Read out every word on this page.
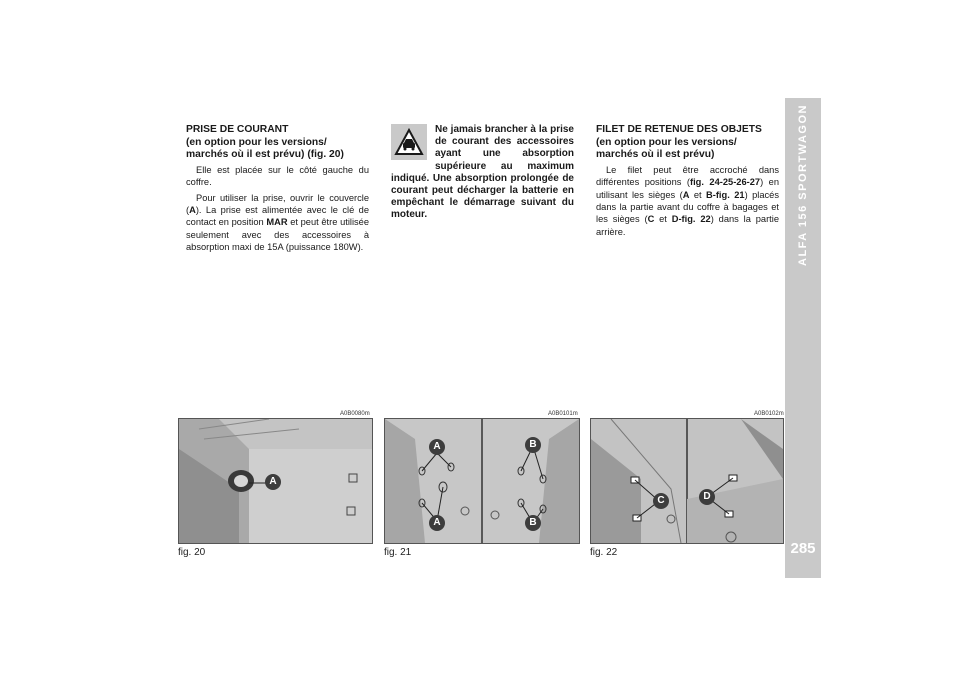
ALFA 156 SPORTWAGON
285
PRISE DE COURANT
(en option pour les versions/
marchés où il est prévu) (fig. 20)

Elle est placée sur le côté gauche du coffre.

Pour utiliser la prise, ouvrir le couvercle (A). La prise est alimentée avec le clé de contact en position MAR et peut être utilisée seulement avec des accessoires à absorption maxi de 15A (puissance 180W).

Ne jamais brancher à la prise de courant des accessoires ayant une absorption supérieure au maximum indiqué. Une absorption prolongée de courant peut décharger la batterie en empêchant le démarrage suivant du moteur.
FILET DE RETENUE DES OBJETS
(en option pour les versions/
marchés où il est prévu)

Le filet peut être accroché dans différentes positions (fig. 24-25-26-27) en utilisant les sièges (A et B-fig. 21) placés dans la partie avant du coffre à bagages et les sièges (C et D-fig. 22) dans la partie arrière.

A0B0080m
A
fig. 20
A0B0101m
A
A
B
B
fig. 21
A0B0102m
C	D
fig. 22
